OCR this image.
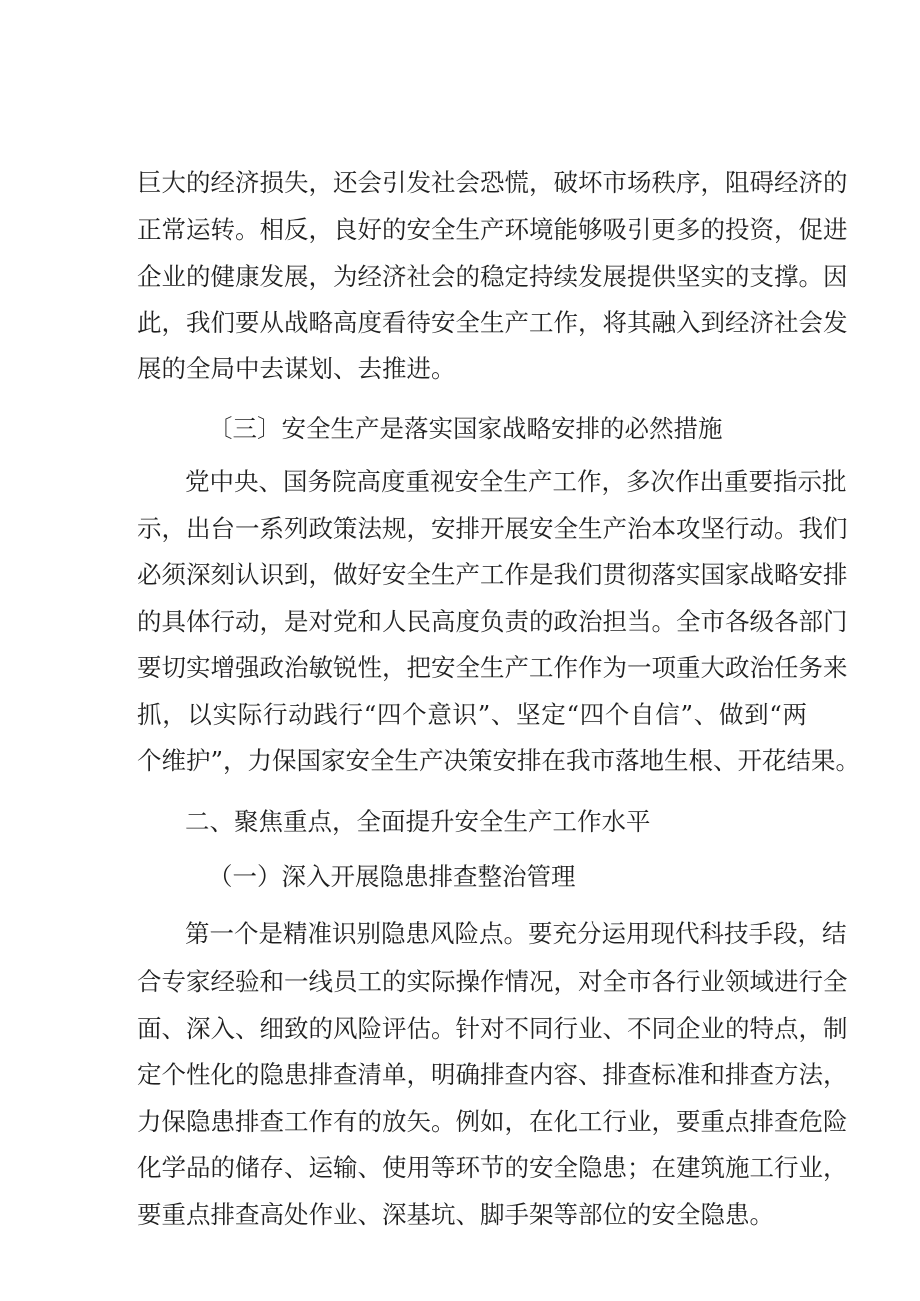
巨大的经济损失，还会引发社会恐慌，破坏市场秩序，阻碍经济的
正常运转。相反，良好的安全生产环境能够吸引更多的投资，促进
企业的健康发展，为经济社会的稳定持续发展提供坚实的支撑。因
此，我们要从战略高度看待安全生产工作，将其融入到经济社会发
展的全局中去谋划、去推进。
〔三〕安全生产是落实国家战略安排的必然措施
党中央、国务院高度重视安全生产工作，多次作出重要指示批
示，出台一系列政策法规，安排开展安全生产治本攻坚行动。我们
必须深刻认识到，做好安全生产工作是我们贯彻落实国家战略安排
的具体行动，是对党和人民高度负责的政治担当。全市各级各部门
要切实增强政治敏锐性，把安全生产工作作为一项重大政治任务来
抓，以实际行动践行“四个意识”、坚定“四个自信”、做到“两
个维护”，力保国家安全生产决策安排在我市落地生根、开花结果。
二、聚焦重点，全面提升安全生产工作水平
（一）深入开展隐患排查整治管理
第一个是精准识别隐患风险点。要充分运用现代科技手段，结
合专家经验和一线员工的实际操作情况，对全市各行业领域进行全
面、深入、细致的风险评估。针对不同行业、不同企业的特点，制
定个性化的隐患排查清单，明确排查内容、排查标准和排查方法，
力保隐患排查工作有的放矢。例如，在化工行业，要重点排查危险
化学品的储存、运输、使用等环节的安全隐患；在建筑施工行业，
要重点排查高处作业、深基坑、脚手架等部位的安全隐患。
